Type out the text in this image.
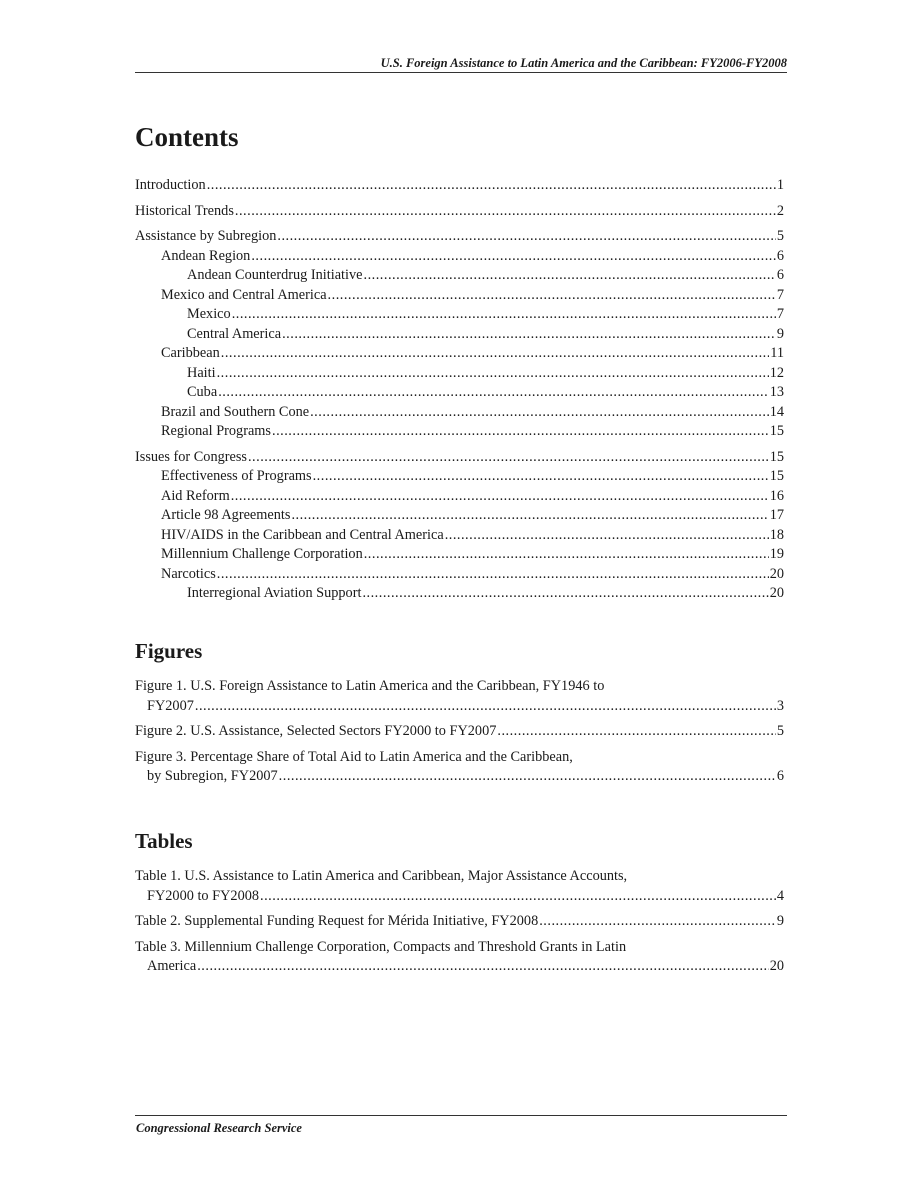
U.S. Foreign Assistance to Latin America and the Caribbean: FY2006-FY2008
Contents
Introduction .....	1
Historical Trends .....	2
Assistance by Subregion .....	5
Andean Region .....	6
Andean Counterdrug Initiative .....	6
Mexico and Central America .....	7
Mexico .....	7
Central America .....	9
Caribbean .....	11
Haiti .....	12
Cuba .....	13
Brazil and Southern Cone .....	14
Regional Programs .....	15
Issues for Congress .....	15
Effectiveness of Programs .....	15
Aid Reform .....	16
Article 98 Agreements .....	17
HIV/AIDS in the Caribbean and Central America .....	18
Millennium Challenge Corporation .....	19
Narcotics .....	20
Interregional Aviation Support .....	20
Figures
Figure 1. U.S. Foreign Assistance to Latin America and the Caribbean, FY1946 to
FY2007 .....	3
Figure 2. U.S. Assistance, Selected Sectors FY2000 to FY2007 .....	5
Figure 3. Percentage Share of Total Aid to Latin America and the Caribbean,
by Subregion, FY2007 .....	6
Tables
Table 1. U.S. Assistance to Latin America and Caribbean, Major Assistance Accounts,
FY2000 to FY2008 .....	4
Table 2. Supplemental Funding Request for Mérida Initiative, FY2008 .....	9
Table 3. Millennium Challenge Corporation, Compacts and Threshold Grants in Latin
America .....	20
Congressional Research Service
